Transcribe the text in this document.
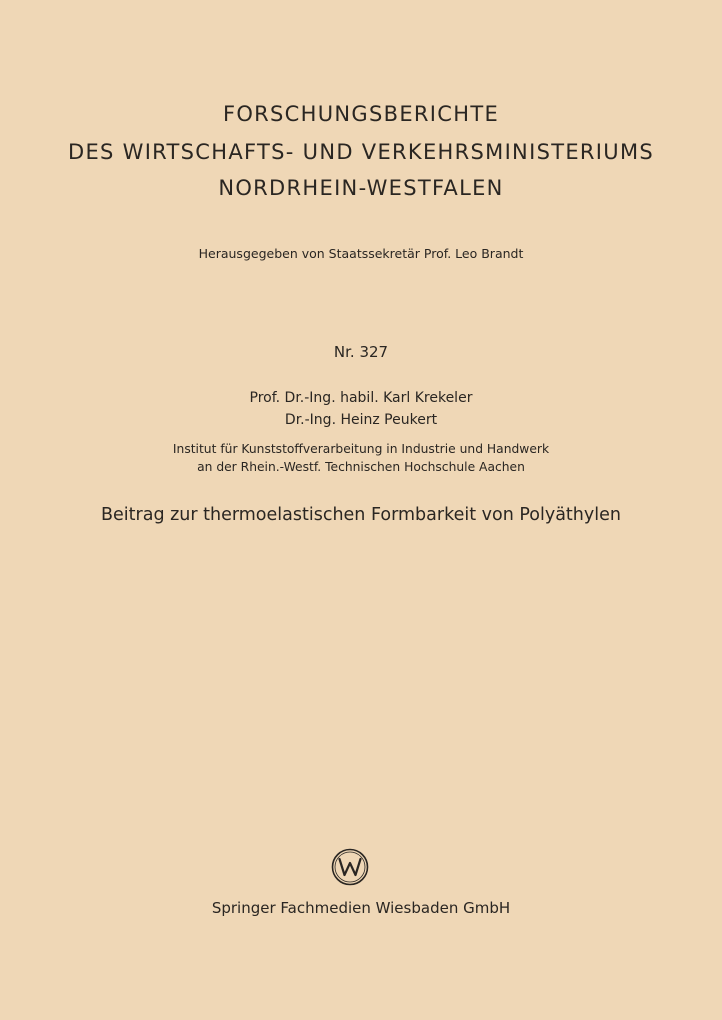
FORSCHUNGSBERICHTE
DES WIRTSCHAFTS- UND VERKEHRSMINISTERIUMS
NORDRHEIN-WESTFALEN
Herausgegeben von Staatssekretär Prof. Leo Brandt
Nr. 327
Prof. Dr.-Ing. habil. Karl Krekeler
Dr.-Ing. Heinz Peukert
Institut für Kunststoffverarbeitung in Industrie und Handwerk
an der Rhein.-Westf. Technischen Hochschule Aachen
Beitrag zur thermoelastischen Formbarkeit von Polyäthylen
Springer Fachmedien Wiesbaden GmbH
